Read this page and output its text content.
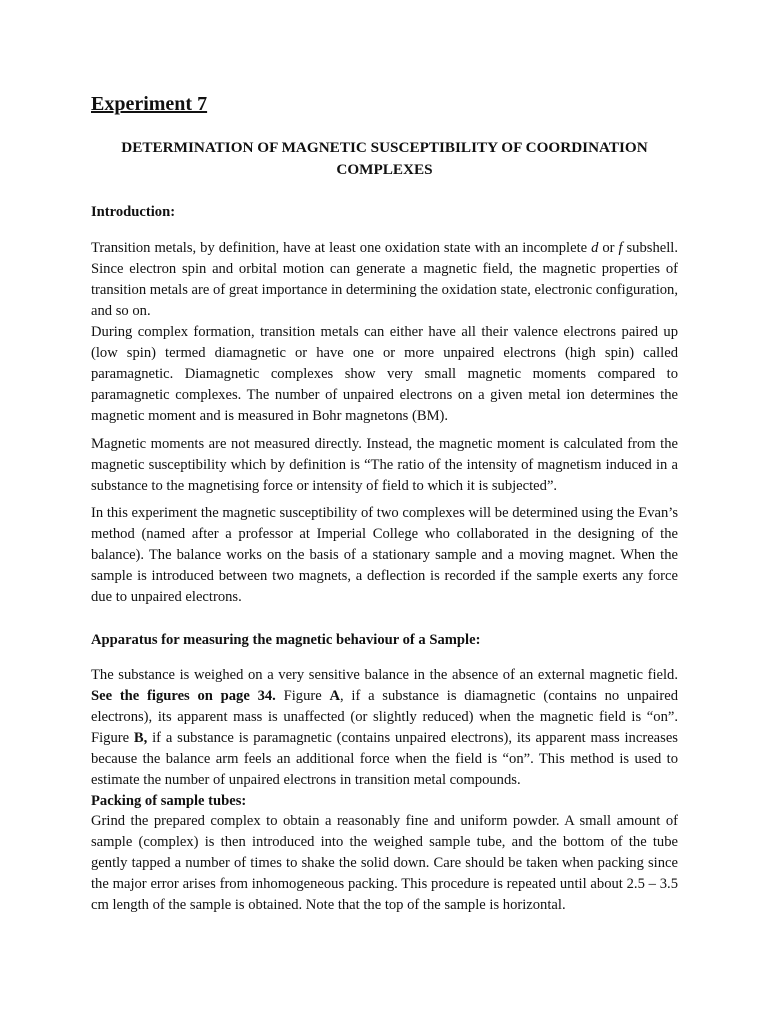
Experiment 7
DETERMINATION OF MAGNETIC SUSCEPTIBILITY OF COORDINATION COMPLEXES
Introduction:

Transition metals, by definition, have at least one oxidation state with an incomplete d or f subshell. Since electron spin and orbital motion can generate a magnetic field, the magnetic properties of transition metals are of great importance in determining the oxidation state, electronic configuration, and so on.

During complex formation, transition metals can either have all their valence electrons paired up (low spin) termed diamagnetic or have one or more unpaired electrons (high spin) called paramagnetic. Diamagnetic complexes show very small magnetic moments compared to paramagnetic complexes. The number of unpaired electrons on a given metal ion determines the magnetic moment and is measured in Bohr magnetons (BM).

Magnetic moments are not measured directly. Instead, the magnetic moment is calculated from the magnetic susceptibility which by definition is “The ratio of the intensity of magnetism induced in a substance to the magnetising force or intensity of field to which it is subjected”.

In this experiment the magnetic susceptibility of two complexes will be determined using the Evan’s method (named after a professor at Imperial College who collaborated in the designing of the balance). The balance works on the basis of a stationary sample and a moving magnet. When the sample is introduced between two magnets, a deflection is recorded if the sample exerts any force due to unpaired electrons.

Apparatus for measuring the magnetic behaviour of a Sample:

The substance is weighed on a very sensitive balance in the absence of an external magnetic field. See the figures on page 34. Figure A, if a substance is diamagnetic (contains no unpaired electrons), its apparent mass is unaffected (or slightly reduced) when the magnetic field is “on”. Figure B, if a substance is paramagnetic (contains unpaired electrons), its apparent mass increases because the balance arm feels an additional force when the field is “on”. This method is used to estimate the number of unpaired electrons in transition metal compounds.

Packing of sample tubes:

Grind the prepared complex to obtain a reasonably fine and uniform powder. A small amount of sample (complex) is then introduced into the weighed sample tube, and the bottom of the tube gently tapped a number of times to shake the solid down. Care should be taken when packing since the major error arises from inhomogeneous packing. This procedure is repeated until about 2.5 – 3.5 cm length of the sample is obtained. Note that the top of the sample is horizontal.
